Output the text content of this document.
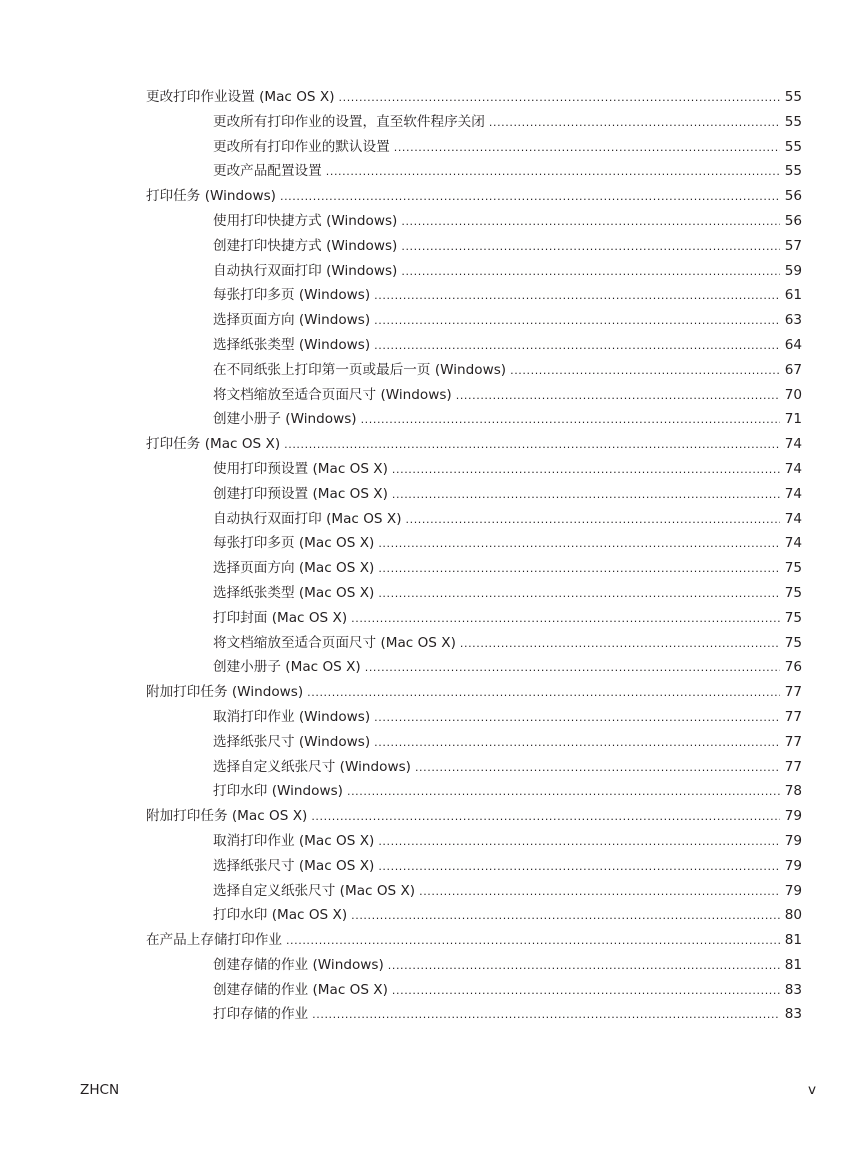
更改打印作业设置 (Mac OS X) .....	55
更改所有打印作业的设置，直至软件程序关闭 .....	55
更改所有打印作业的默认设置 .....	55
更改产品配置设置 .....	55
打印任务 (Windows) .....	56
使用打印快捷方式 (Windows) .....	56
创建打印快捷方式 (Windows) .....	57
自动执行双面打印 (Windows) .....	59
每张打印多页 (Windows) .....	61
选择页面方向 (Windows) .....	63
选择纸张类型 (Windows) .....	64
在不同纸张上打印第一页或最后一页 (Windows) .....	67
将文档缩放至适合页面尺寸 (Windows) .....	70
创建小册子 (Windows) .....	71
打印任务 (Mac OS X) .....	74
使用打印预设置 (Mac OS X) .....	74
创建打印预设置 (Mac OS X) .....	74
自动执行双面打印 (Mac OS X) .....	74
每张打印多页 (Mac OS X) .....	74
选择页面方向 (Mac OS X) .....	75
选择纸张类型 (Mac OS X) .....	75
打印封面 (Mac OS X) .....	75
将文档缩放至适合页面尺寸 (Mac OS X) .....	75
创建小册子 (Mac OS X) .....	76
附加打印任务 (Windows) .....	77
取消打印作业 (Windows) .....	77
选择纸张尺寸 (Windows) .....	77
选择自定义纸张尺寸 (Windows) .....	77
打印水印 (Windows) .....	78
附加打印任务 (Mac OS X) .....	79
取消打印作业 (Mac OS X) .....	79
选择纸张尺寸 (Mac OS X) .....	79
选择自定义纸张尺寸 (Mac OS X) .....	79
打印水印 (Mac OS X) .....	80
在产品上存储打印作业 .....	81
创建存储的作业 (Windows) .....	81
创建存储的作业 (Mac OS X) .....	83
打印存储的作业 .....	83
ZHCN	v
